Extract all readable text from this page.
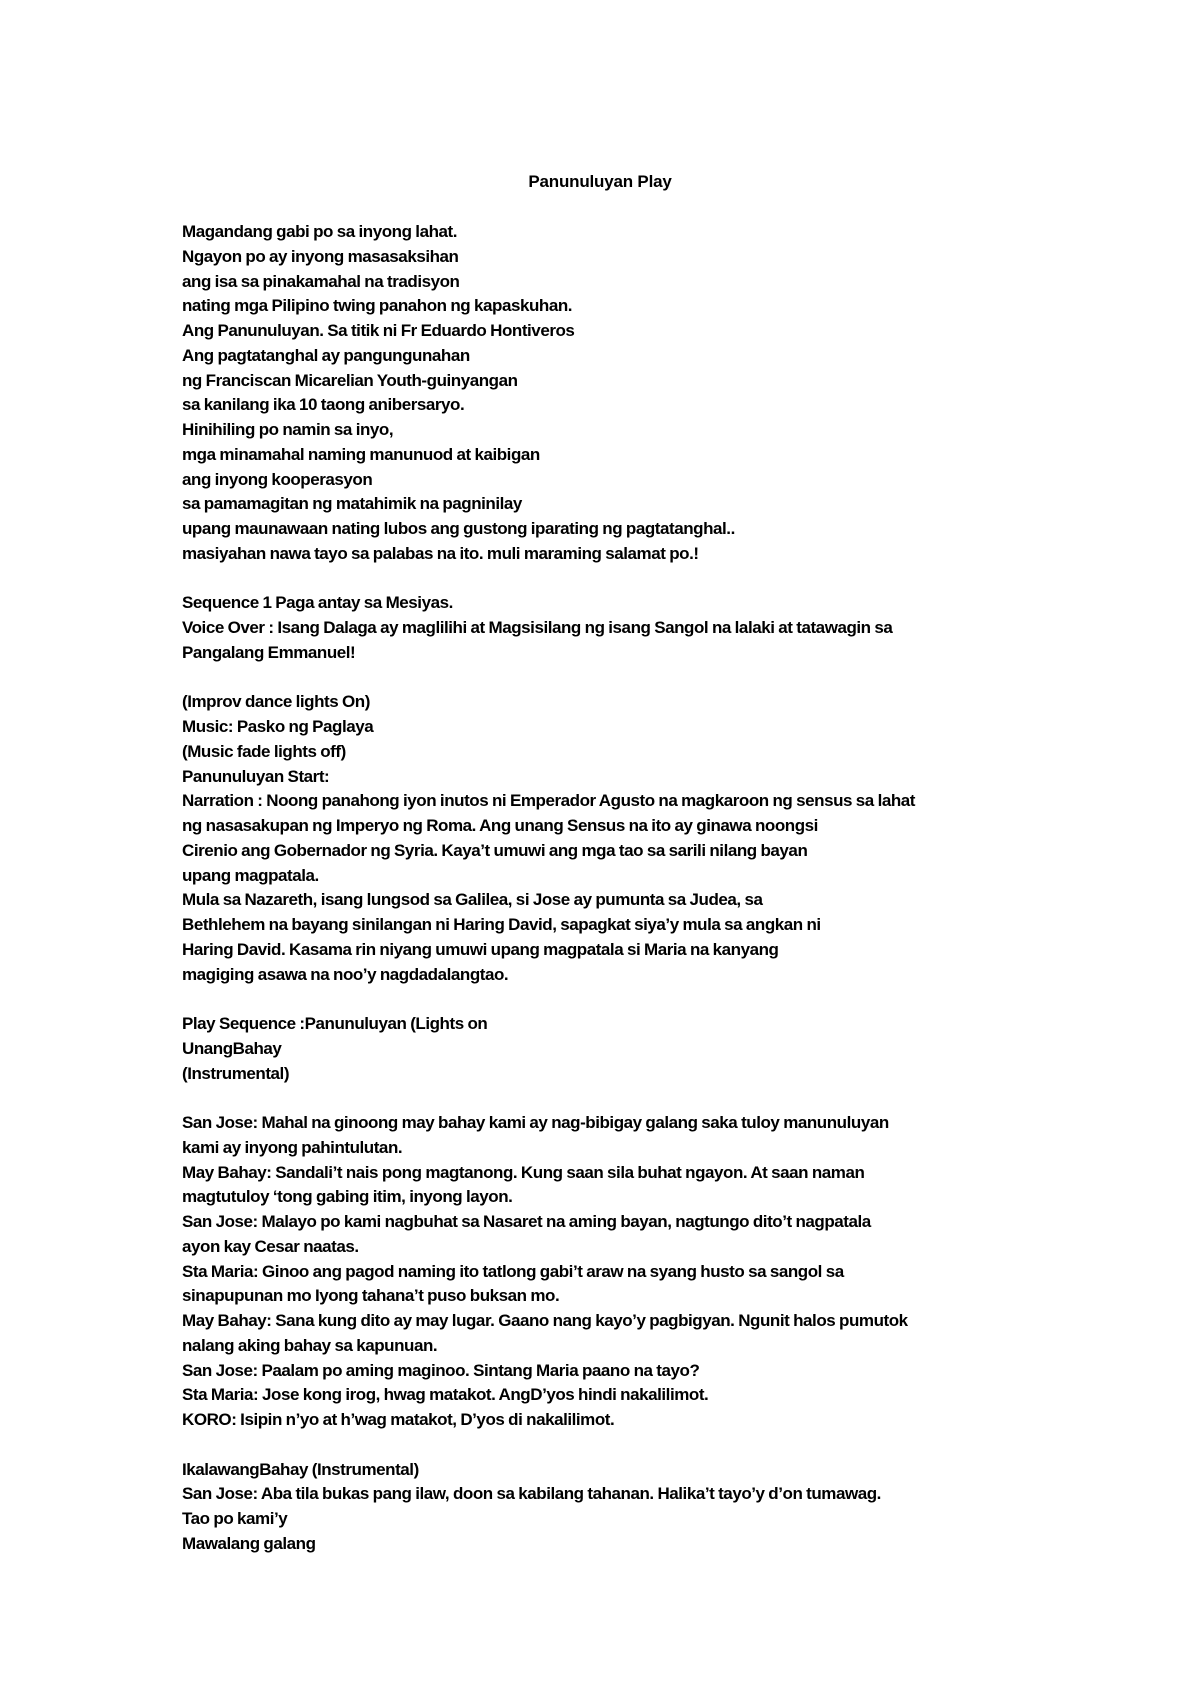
Panunuluyan Play
Magandang gabi po sa inyong lahat.
Ngayon po ay inyong masasaksihan
ang isa sa pinakamahal na tradisyon
nating mga Pilipino twing panahon ng kapaskuhan.
Ang Panunuluyan. Sa titik ni Fr Eduardo Hontiveros
Ang pagtatanghal ay pangungunahan
ng Franciscan Micarelian Youth-guinyangan
sa kanilang ika 10 taong anibersaryo.
Hinihiling po namin sa inyo,
mga minamahal naming manunuod at kaibigan
ang inyong kooperasyon
sa pamamagitan ng matahimik na pagninilay
upang maunawaan nating lubos ang gustong iparating ng pagtatanghal..
masiyahan nawa tayo sa palabas na ito. muli maraming salamat po.!
Sequence 1 Paga antay sa Mesiyas.
Voice Over : Isang Dalaga ay maglilihi at Magsisilang ng isang Sangol na lalaki at tatawagin sa
Pangalang Emmanuel!
(Improv dance lights On)
Music: Pasko ng Paglaya
(Music fade lights off)
Panunuluyan Start:
Narration : Noong panahong iyon inutos ni Emperador Agusto na magkaroon ng sensus sa lahat
ng nasasakupan ng Imperyo ng Roma. Ang unang Sensus na ito ay ginawa noongsi
Cirenio ang Gobernador ng Syria. Kaya’t umuwi ang mga tao sa sarili nilang bayan
upang magpatala.
Mula sa Nazareth, isang lungsod sa Galilea, si Jose ay pumunta sa Judea, sa
Bethlehem na bayang sinilangan ni Haring David, sapagkat siya’y mula sa angkan ni
Haring David. Kasama rin niyang umuwi upang magpatala si Maria na kanyang
magiging asawa na noo’y nagdadalangtao.
Play Sequence :Panunuluyan (Lights on
UnangBahay
(Instrumental)
San Jose: Mahal na ginoong may bahay kami ay nag-bibigay galang saka tuloy manunuluyan
kami ay inyong pahintulutan.
May Bahay: Sandali’t nais pong magtanong. Kung saan sila buhat ngayon. At saan naman
magtutuloy ‘tong gabing itim, inyong layon.
San Jose: Malayo po kami nagbuhat sa Nasaret na aming bayan, nagtungo dito’t nagpatala
ayon kay Cesar naatas.
Sta Maria: Ginoo ang pagod naming ito tatlong gabi’t araw na syang husto sa sangol sa
sinapupunan mo Iyong tahana’t puso buksan mo.
May Bahay: Sana kung dito ay may lugar. Gaano nang kayo’y pagbigyan. Ngunit halos pumutok
nalang aking bahay sa kapunuan.
San Jose: Paalam po aming maginoo. Sintang Maria paano na tayo?
Sta Maria: Jose kong irog, hwag matakot. AngD’yos hindi nakalilimot.
KORO: Isipin n’yo at h’wag matakot, D’yos di nakalilimot.
IkalawangBahay (Instrumental)
San Jose: Aba tila bukas pang ilaw, doon sa kabilang tahanan. Halika’t tayo’y d’on tumawag.
Tao po kami’y
Mawalang galang
